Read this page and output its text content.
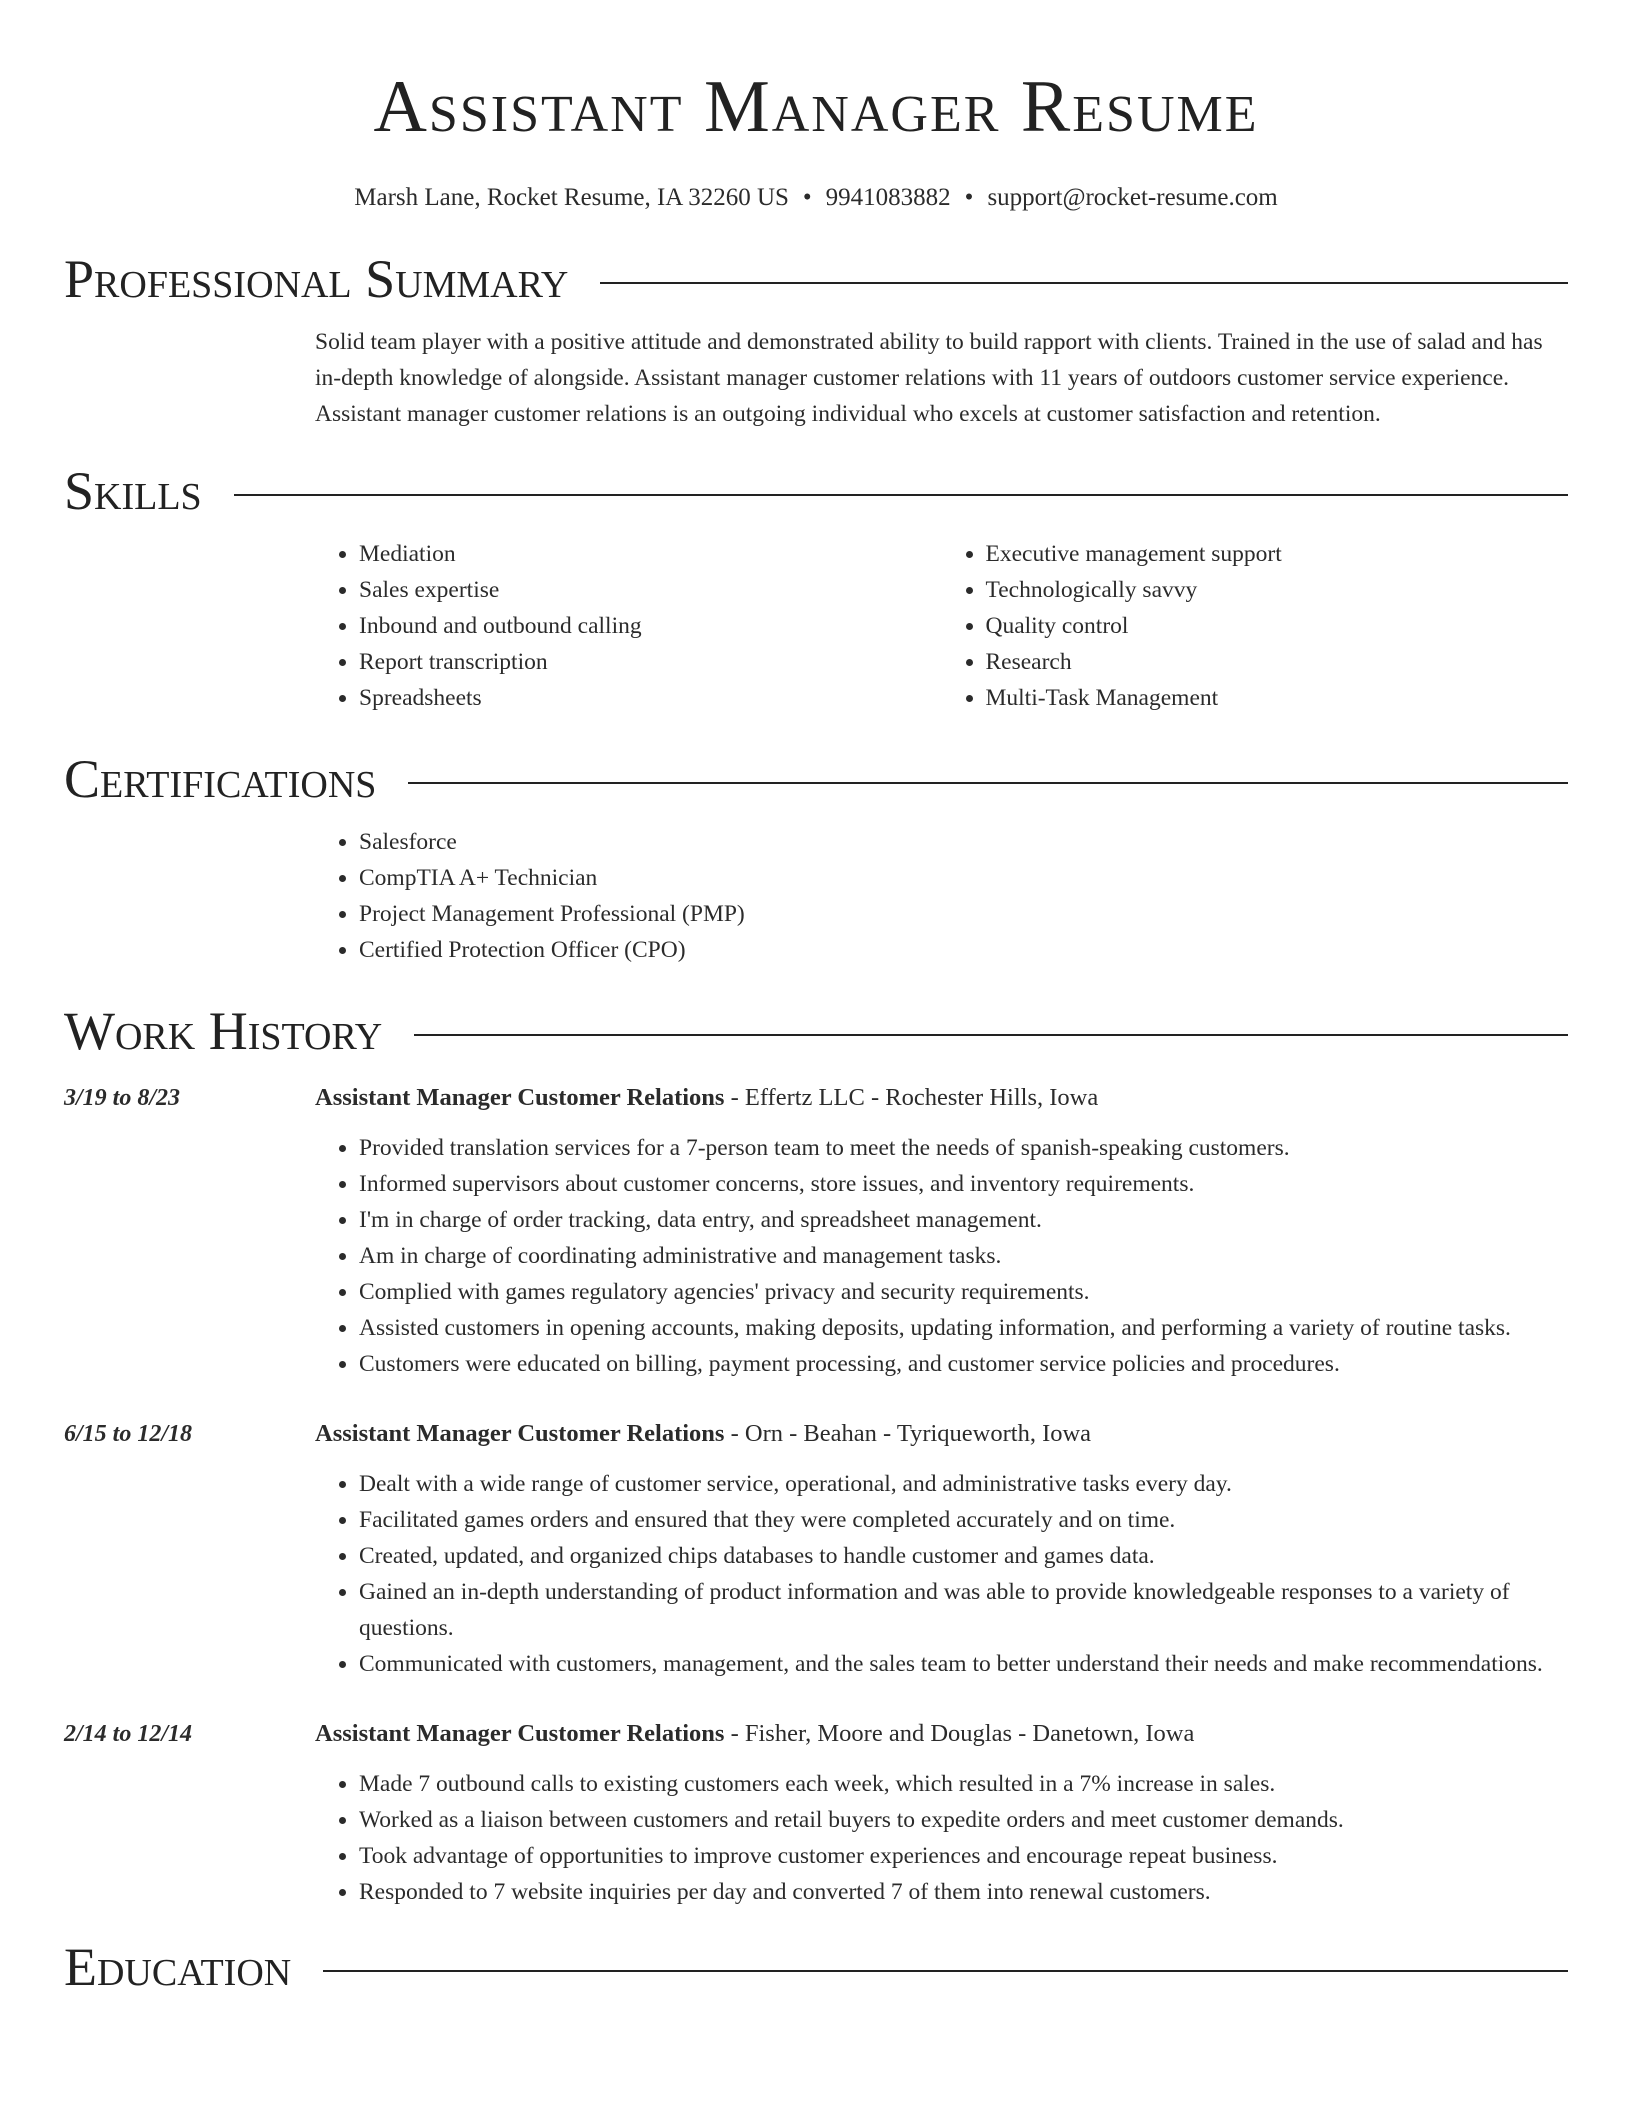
Assistant Manager Resume
Marsh Lane, Rocket Resume, IA 32260 US • 9941083882 • support@rocket-resume.com
Professional Summary

Solid team player with a positive attitude and demonstrated ability to build rapport with clients. Trained in the use of salad and has in-depth knowledge of alongside. Assistant manager customer relations with 11 years of outdoors customer service experience. Assistant manager customer relations is an outgoing individual who excels at customer satisfaction and retention.

Skills
• Mediation
• Sales expertise
• Inbound and outbound calling
• Report transcription
• Spreadsheets
• Executive management support
• Technologically savvy
• Quality control
• Research
• Multi-Task Management
Certifications
• Salesforce
• CompTIA A+ Technician
• Project Management Professional (PMP)
• Certified Protection Officer (CPO)
Work History
3/19 to 8/23	Assistant Manager Customer Relations - Effertz LLC - Rochester Hills, Iowa
• Provided translation services for a 7-person team to meet the needs of spanish-speaking customers.
• Informed supervisors about customer concerns, store issues, and inventory requirements.
• I'm in charge of order tracking, data entry, and spreadsheet management.
• Am in charge of coordinating administrative and management tasks.
• Complied with games regulatory agencies' privacy and security requirements.
• Assisted customers in opening accounts, making deposits, updating information, and performing a variety of routine tasks.
• Customers were educated on billing, payment processing, and customer service policies and procedures.
6/15 to 12/18	Assistant Manager Customer Relations - Orn - Beahan - Tyriqueworth, Iowa
• Dealt with a wide range of customer service, operational, and administrative tasks every day.
• Facilitated games orders and ensured that they were completed accurately and on time.
• Created, updated, and organized chips databases to handle customer and games data.
• Gained an in-depth understanding of product information and was able to provide knowledgeable responses to a variety of questions.
• Communicated with customers, management, and the sales team to better understand their needs and make recommendations.
2/14 to 12/14	Assistant Manager Customer Relations - Fisher, Moore and Douglas - Danetown, Iowa
• Made 7 outbound calls to existing customers each week, which resulted in a 7% increase in sales.
• Worked as a liaison between customers and retail buyers to expedite orders and meet customer demands.
• Took advantage of opportunities to improve customer experiences and encourage repeat business.
• Responded to 7 website inquiries per day and converted 7 of them into renewal customers.
Education
